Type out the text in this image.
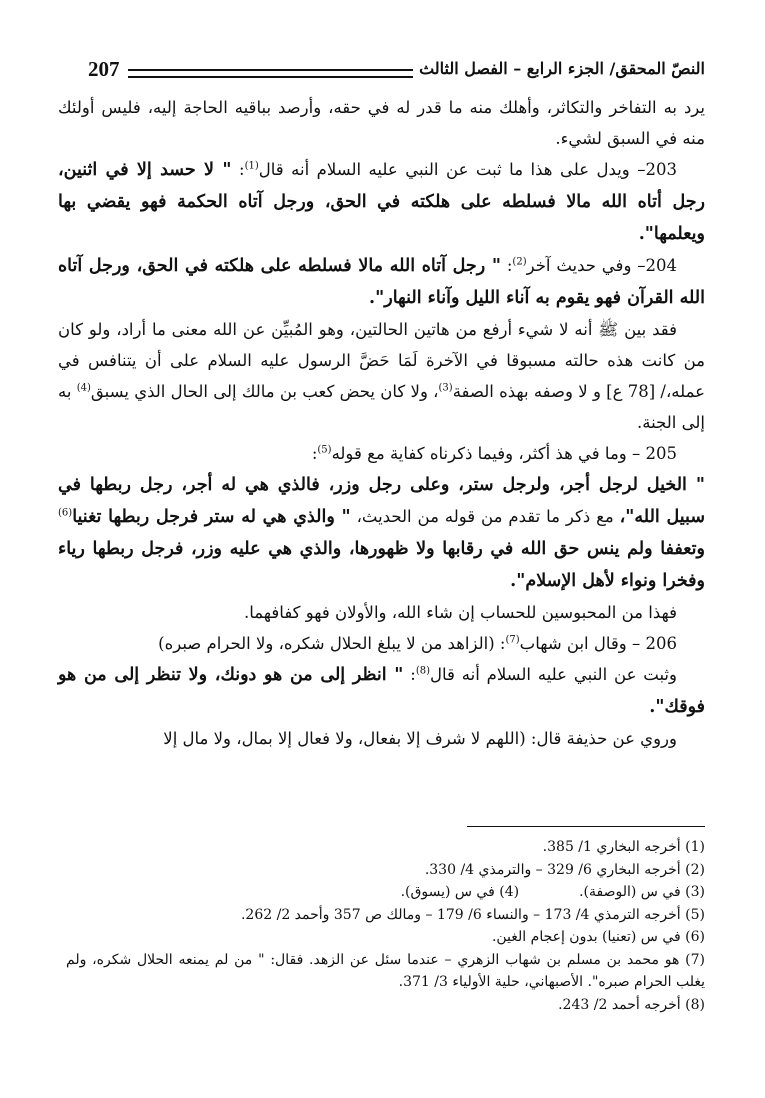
207	النصّ المحقق/ الجزء الرابع – الفصل الثالث

يرد به التفاخر والتكاثر، وأهلك منه ما قدر له في حقه، وأرصد بباقيه الحاجة إليه، فليس أولئك منه في السبق لشيء.

203– ويدل على هذا ما ثبت عن النبي عليه السلام أنه قال$^{(1)}$: " لا حسد إلا في اثنين، رجل أتاه الله مالا فسلطه على هلكته في الحق، ورجل آتاه الحكمة فهو يقضي بها ويعلمها".

204– وفي حديث آخر$^{(2)}$: " رجل آتاه الله مالا فسلطه على هلكته في الحق، ورجل آتاه الله القرآن فهو يقوم به آناء الليل وآناء النهار".

فقد بين ﷺ أنه لا شيء أرفع من هاتين الحالتين، وهو المُبيِّن عن الله معنى ما أراد، ولو كان من كانت هذه حالته مسبوقا في الآخرة لَمَا حَضَّ الرسول عليه السلام على أن يتنافس في عمله،/ [78 ع] و لا وصفه بهذه الصفة$^{(3)}$، ولا كان يحض كعب بن مالك إلى الحال الذي يسبق$^{(4)}$ به إلى الجنة.

205 – وما في هذ أكثر، وفيما ذكرناه كفاية مع قوله$^{(5)}$:

" الخيل لرجل أجر، ولرجل ستر، وعلى رجل وزر، فالذي هي له أجر، رجل ربطها في سبيل الله"، مع ذكر ما تقدم من قوله من الحديث، " والذي هي له ستر فرجل ربطها تغنيا$^{(6)}$ وتعففا ولم ينس حق الله في رقابها ولا ظهورها، والذي هي عليه وزر، فرجل ربطها رياء وفخرا ونواء لأهل الإسلام".

فهذا من المحبوسين للحساب إن شاء الله، والأولان فهو كفافهما.

206 – وقال ابن شهاب$^{(7)}$: (الزاهد من لا يبلغ الحلال شكره، ولا الحرام صبره)

وثبت عن النبي عليه السلام أنه قال$^{(8)}$: " انظر إلى من هو دونك، ولا تنظر إلى من هو فوقك".

وروي عن حذيفة قال: (اللهم لا شرف إلا بفعال، ولا فعال إلا بمال، ولا مال إلا

(1) أخرجه البخاري 1/ 385.

(2) أخرجه البخاري 6/ 329 – والترمذي 4/ 330.

(3) في س (الوصفة).(4) في س (يسوق).

(5) أخرجه الترمذي 4/ 173 – والنساء 6/ 179 – ومالك ص 357 وأحمد 2/ 262.

(6) في س (تعنيا) بدون إعجام الغين.

(7) هو محمد بن مسلم بن شهاب الزهري – عندما سئل عن الزهد. فقال: " من لم يمنعه الحلال شكره، ولم يغلب الحرام صبره". الأصبهاني، حلية الأولياء 3/ 371.

(8) أخرجه أحمد 2/ 243.
